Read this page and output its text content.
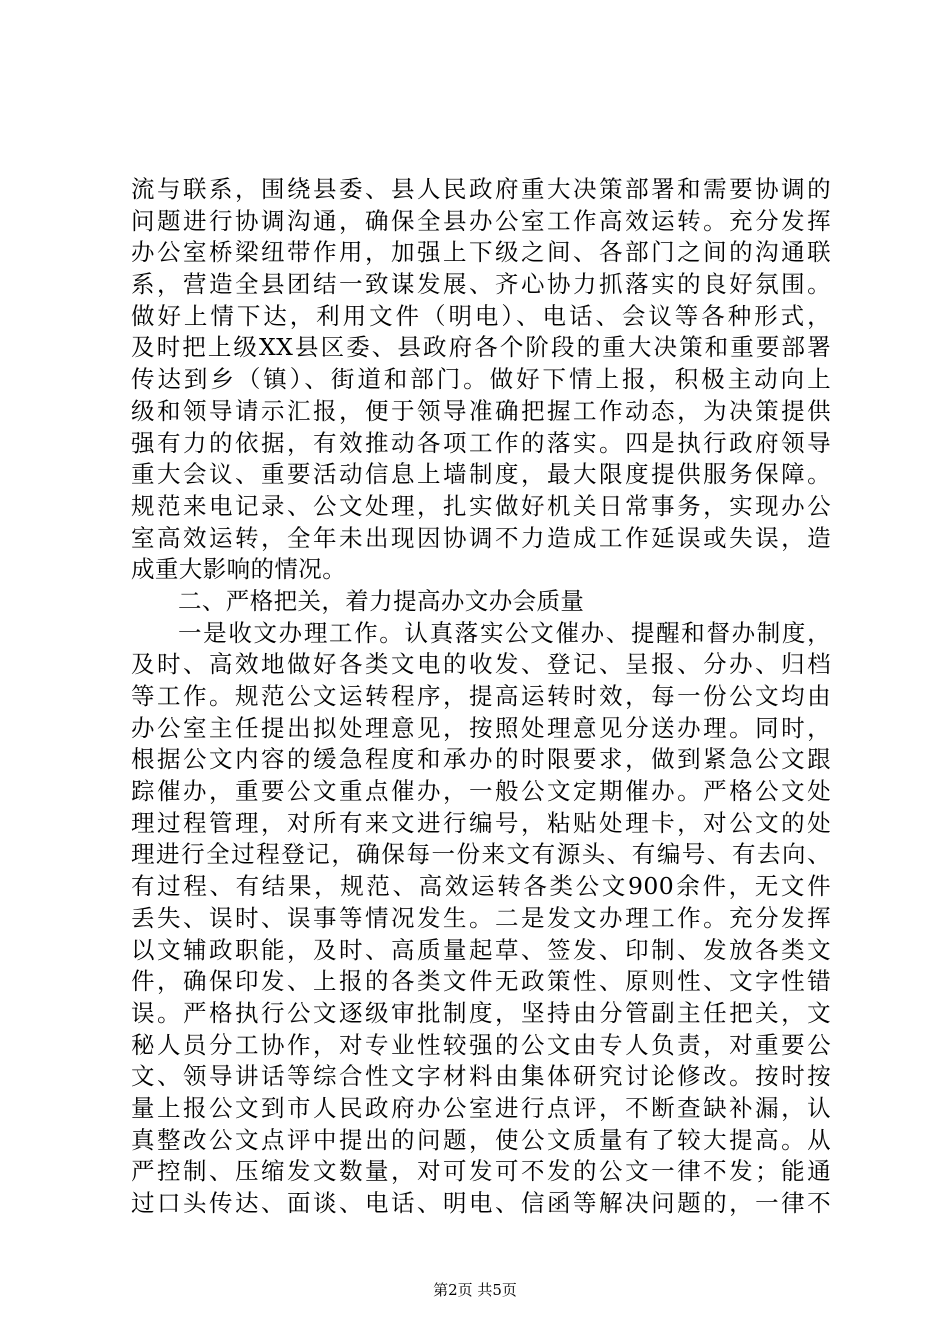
流与联系，围绕县委、县人民政府重大决策部署和需要协调的
问题进行协调沟通，确保全县办公室工作高效运转。充分发挥
办公室桥梁纽带作用，加强上下级之间、各部门之间的沟通联
系，营造全县团结一致谋发展、齐心协力抓落实的良好氛围。
做好上情下达，利用文件（明电）、电话、会议等各种形式，
及时把上级XX县区委、县政府各个阶段的重大决策和重要部署
传达到乡（镇）、街道和部门。做好下情上报，积极主动向上
级和领导请示汇报，便于领导准确把握工作动态，为决策提供
强有力的依据，有效推动各项工作的落实。四是执行政府领导
重大会议、重要活动信息上墙制度，最大限度提供服务保障。
规范来电记录、公文处理，扎实做好机关日常事务，实现办公
室高效运转，全年未出现因协调不力造成工作延误或失误，造
成重大影响的情况。
二、严格把关，着力提高办文办会质量
一是收文办理工作。认真落实公文催办、提醒和督办制度，
及时、高效地做好各类文电的收发、登记、呈报、分办、归档
等工作。规范公文运转程序，提高运转时效，每一份公文均由
办公室主任提出拟处理意见，按照处理意见分送办理。同时，
根据公文内容的缓急程度和承办的时限要求，做到紧急公文跟
踪催办，重要公文重点催办，一般公文定期催办。严格公文处
理过程管理，对所有来文进行编号，粘贴处理卡，对公文的处
理进行全过程登记，确保每一份来文有源头、有编号、有去向、
有过程、有结果，规范、高效运转各类公文900余件，无文件
丢失、误时、误事等情况发生。二是发文办理工作。充分发挥
以文辅政职能，及时、高质量起草、签发、印制、发放各类文
件，确保印发、上报的各类文件无政策性、原则性、文字性错
误。严格执行公文逐级审批制度，坚持由分管副主任把关，文
秘人员分工协作，对专业性较强的公文由专人负责，对重要公
文、领导讲话等综合性文字材料由集体研究讨论修改。按时按
量上报公文到市人民政府办公室进行点评，不断查缺补漏，认
真整改公文点评中提出的问题，使公文质量有了较大提高。从
严控制、压缩发文数量，对可发可不发的公文一律不发；能通
过口头传达、面谈、电话、明电、信函等解决问题的，一律不
第2页 共5页
